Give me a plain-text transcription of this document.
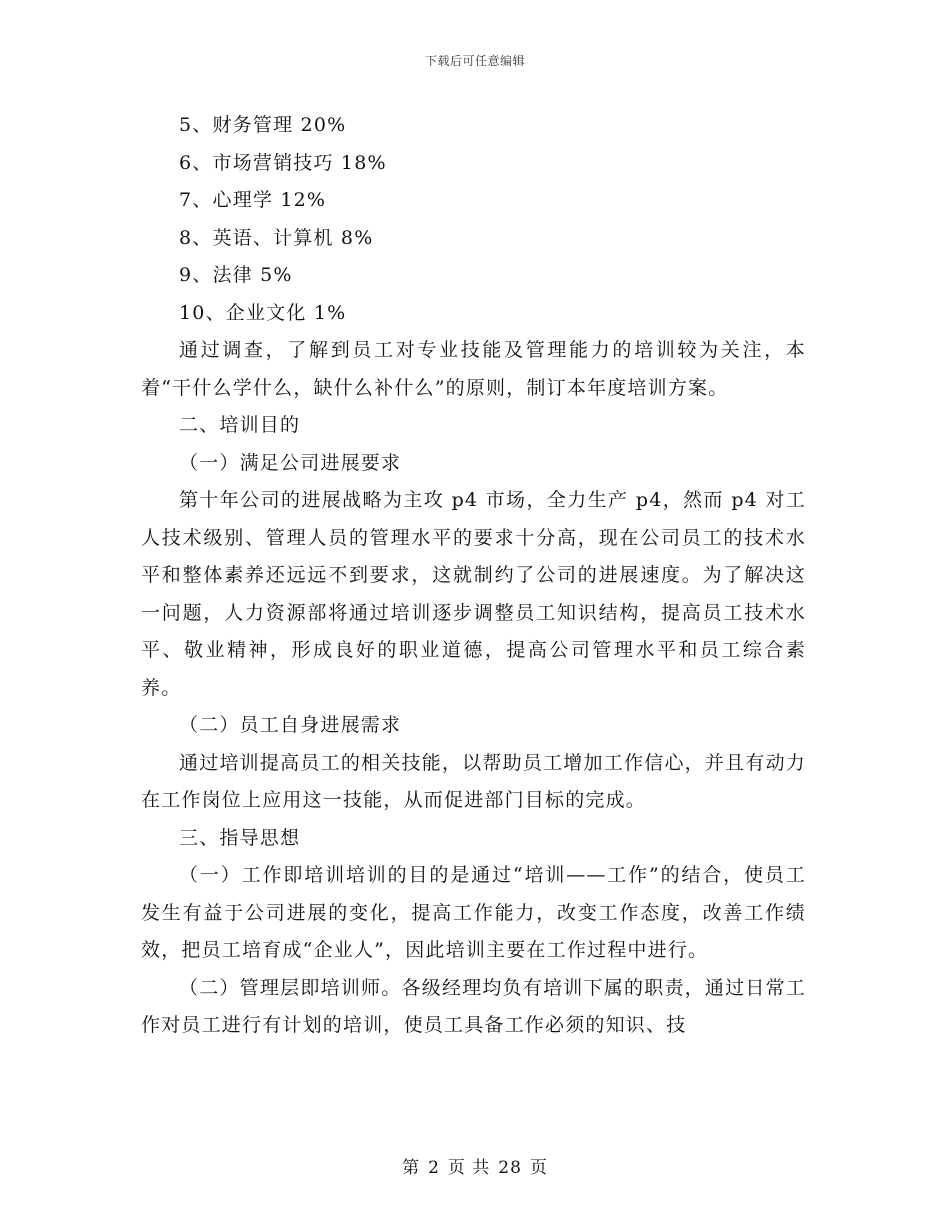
下载后可任意编辑

5、财务管理 20%

6、市场营销技巧 18%

7、心理学 12%

8、英语、计算机 8%

9、法律 5%

10、企业文化 1%

通过调查，了解到员工对专业技能及管理能力的培训较为关注，本着“干什么学什么，缺什么补什么”的原则，制订本年度培训方案。

二、培训目的

（一）满足公司进展要求

第十年公司的进展战略为主攻 p4 市场，全力生产 p4，然而 p4 对工人技术级别、管理人员的管理水平的要求十分高，现在公司员工的技术水平和整体素养还远远不到要求，这就制约了公司的进展速度。为了解决这一问题，人力资源部将通过培训逐步调整员工知识结构，提高员工技术水平、敬业精神，形成良好的职业道德，提高公司管理水平和员工综合素养。

（二）员工自身进展需求

通过培训提高员工的相关技能，以帮助员工增加工作信心，并且有动力在工作岗位上应用这一技能，从而促进部门目标的完成。

三、指导思想

（一）工作即培训培训的目的是通过“培训——工作”的结合，使员工发生有益于公司进展的变化，提高工作能力，改变工作态度，改善工作绩效，把员工培育成“企业人”，因此培训主要在工作过程中进行。

（二）管理层即培训师。各级经理均负有培训下属的职责，通过日常工作对员工进行有计划的培训，使员工具备工作必须的知识、技

第 2 页 共 28 页
